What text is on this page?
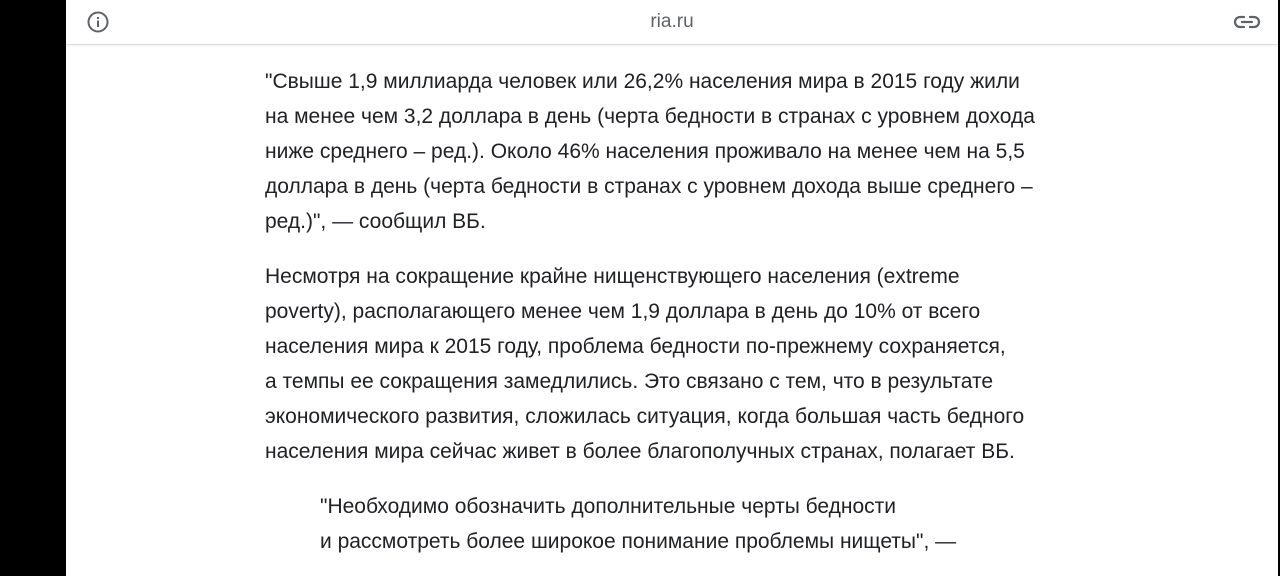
ria.ru

"Свыше 1,9 миллиарда человек или 26,2% населения мира в 2015 году жили
на менее чем 3,2 доллара в день (черта бедности в странах с уровнем дохода
ниже среднего – ред.). Около 46% населения проживало на менее чем на 5,5
доллара в день (черта бедности в странах с уровнем дохода выше среднего –
ред.)", — сообщил ВБ.

Несмотря на сокращение крайне нищенствующего населения (extreme
poverty), располагающего менее чем 1,9 доллара в день до 10% от всего
населения мира к 2015 году, проблема бедности по-прежнему сохраняется,
а темпы ее сокращения замедлились. Это связано с тем, что в результате
экономического развития, сложилась ситуация, когда большая часть бедного
населения мира сейчас живет в более благополучных странах, полагает ВБ.

"Необходимо обозначить дополнительные черты бедности
и рассмотреть более широкое понимание проблемы нищеты", —
